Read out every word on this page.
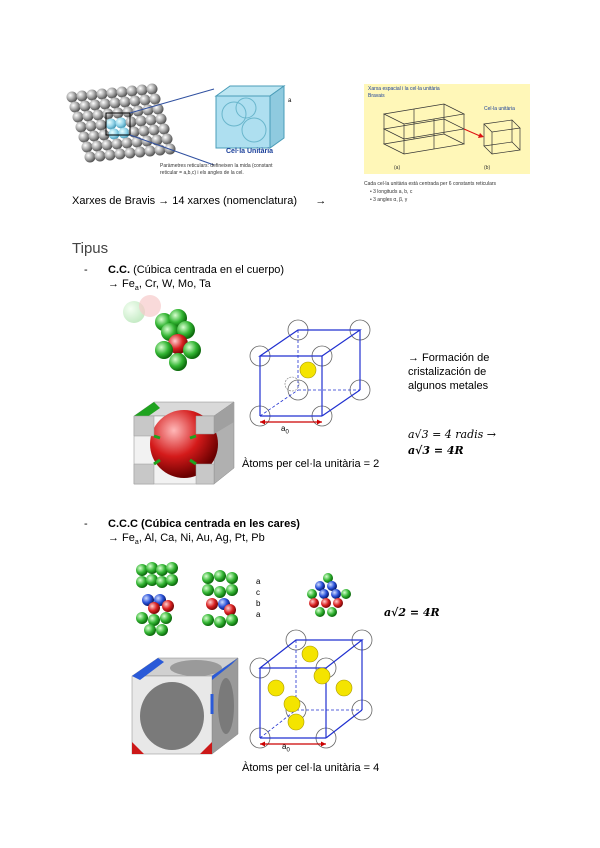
Cel·la Unitària
a
Paràmetres reticulars: defineixen la mida (constant
reticular = a,b,c) i els angles de la cel.
Xarxa espacial i la cel·la unitària
Bravais
Cel·la unitària
(a)	(b)
Cada cel·la unitària està centrada per 6 constants reticulars
• 3 longituds a, b, c
• 3 angles α, β, γ
Xarxes de Bravis → 14 xarxes (nomenclatura)      →
Tipus
- C.C. (Cúbica centrada en el cuerpo)
→ $Fe_a$, Cr, W, Mo, Ta
$a_0$
→ Formación de
cristalización de
algunos metales
a√3 = 4 radis →
a√3 = 4R
Àtoms per cel·la unitària = 2
- C.C.C (Cúbica centrada en les cares)
→ $Fe_a$, Al, Ca, Ni, Au, Ag, Pt, Pb
a
c
b
a	a√2 = 4R
$a_0$
Àtoms per cel·la unitària = 4
